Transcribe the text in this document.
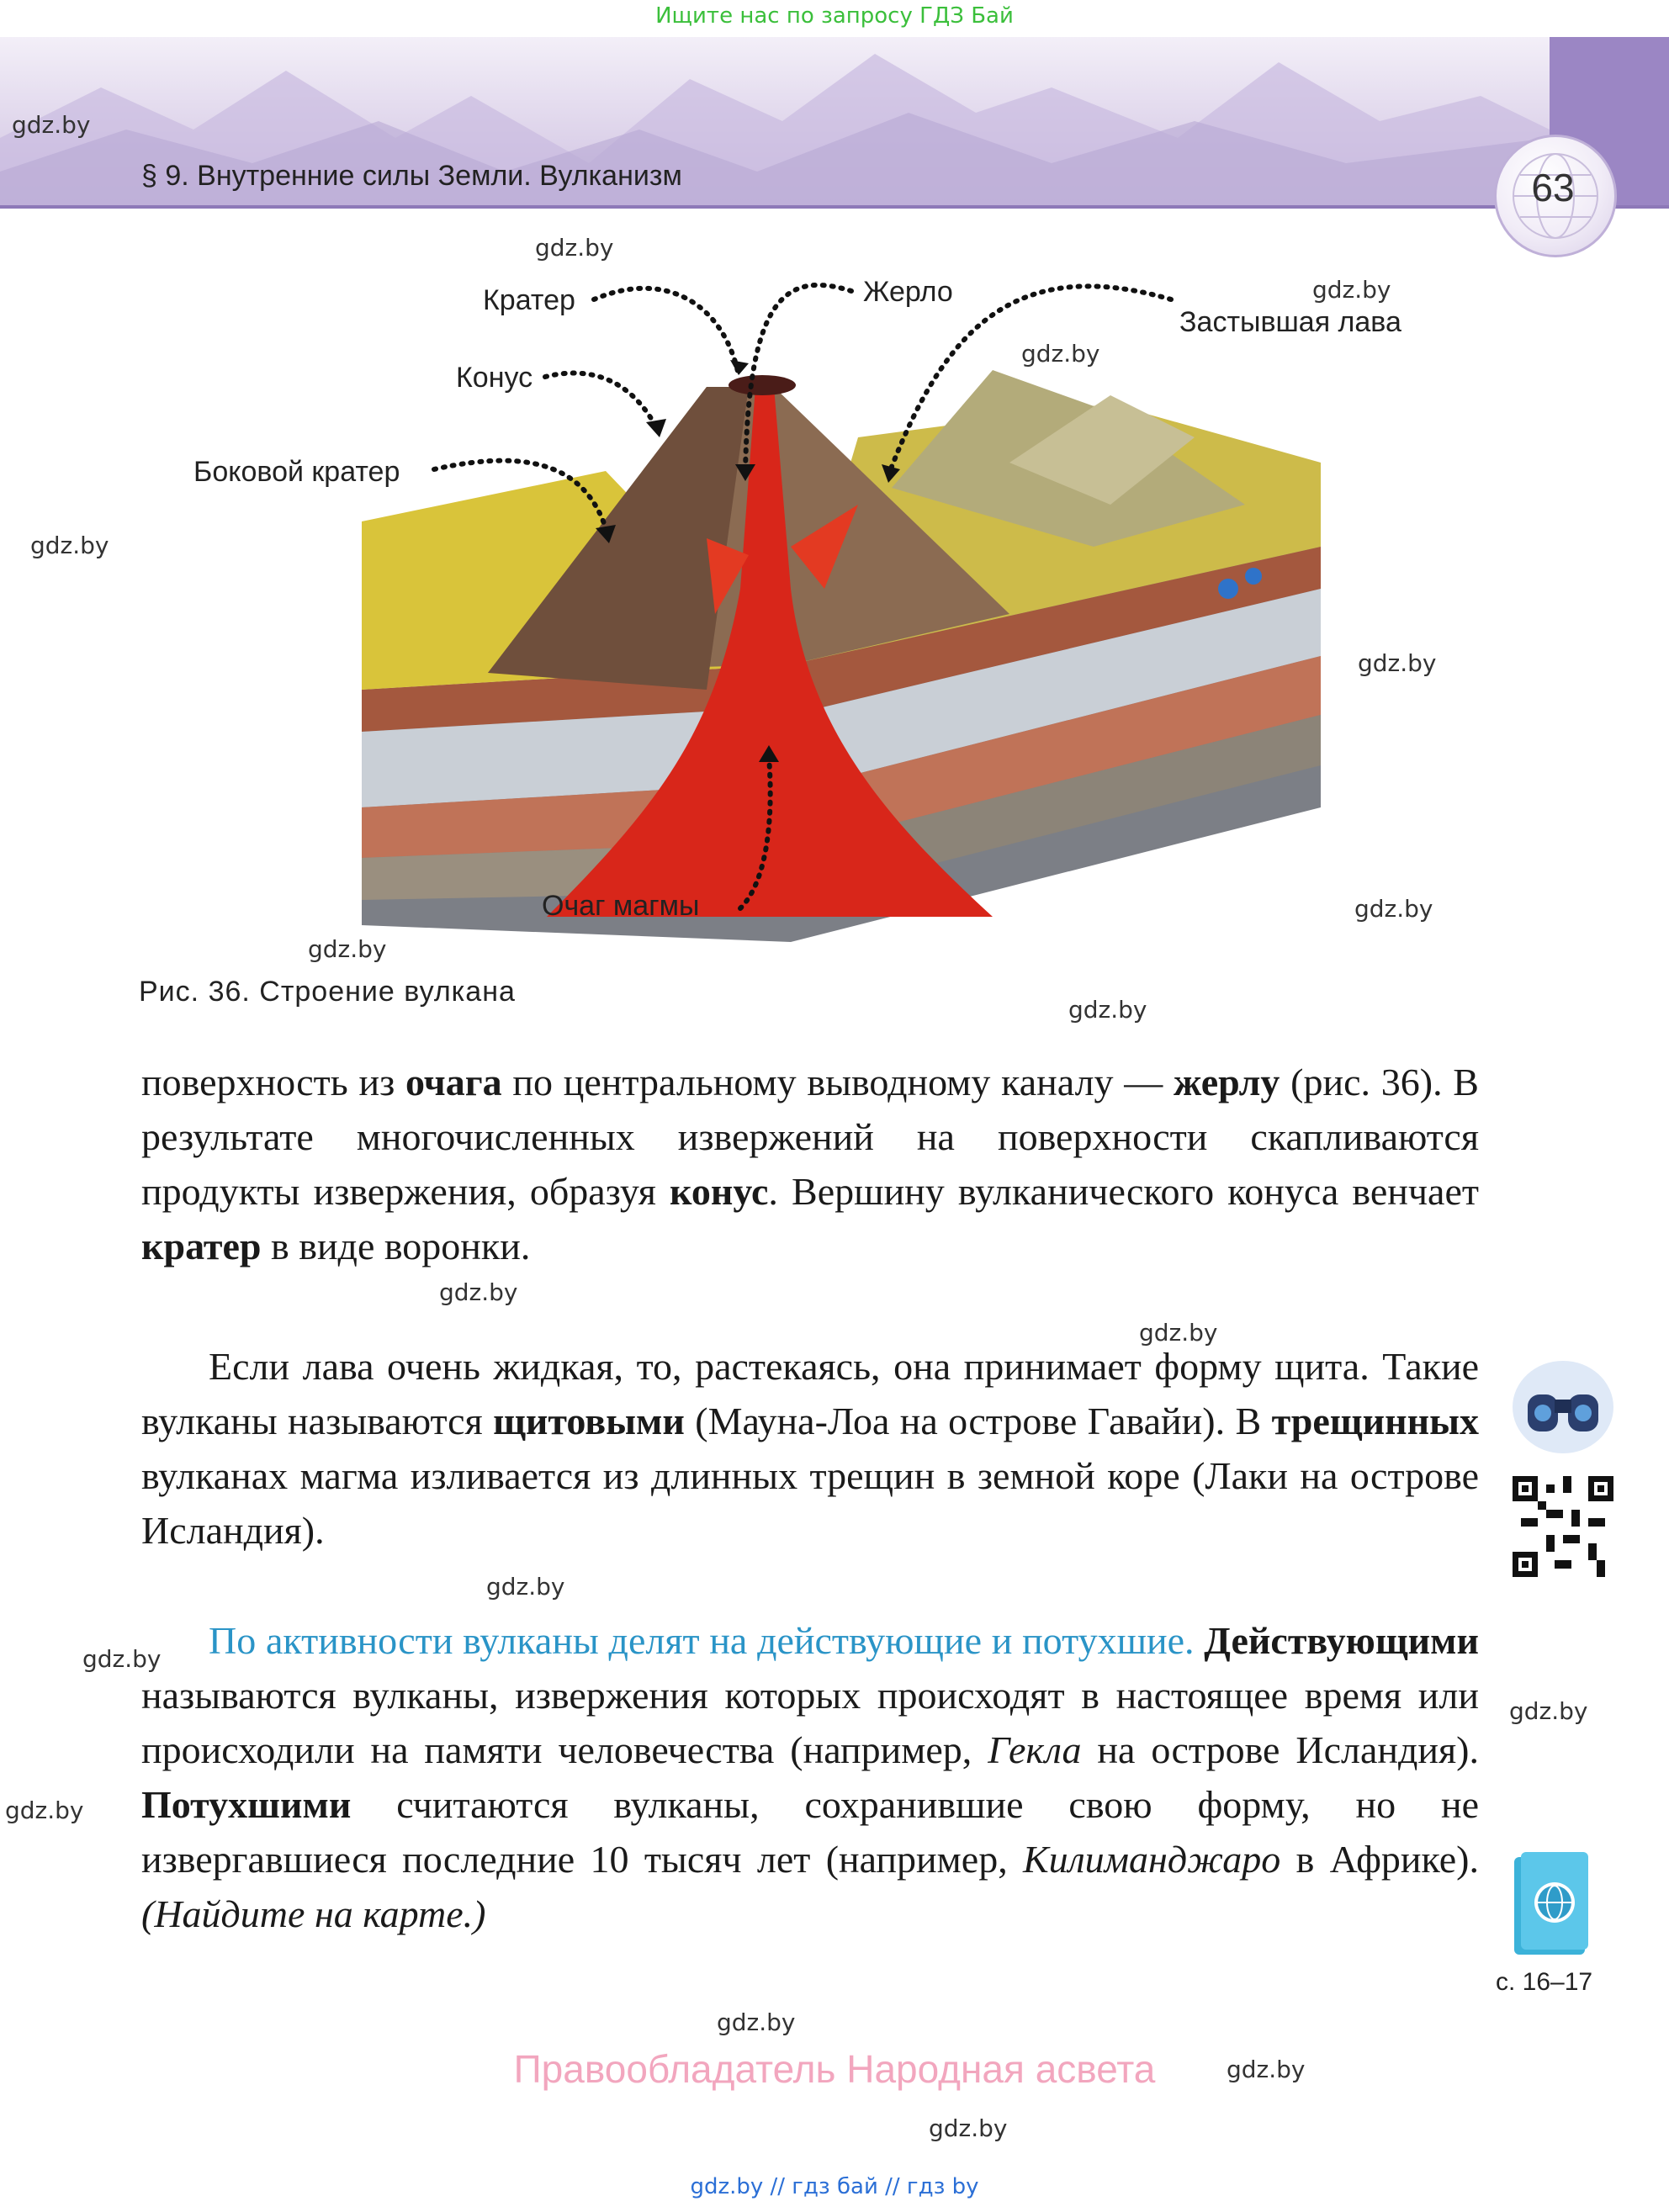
Ищите нас по запросу ГДЗ Бай
§ 9. Внутренние силы Земли. Вулканизм	63
gdz.by
gdz.by
gdz.by
gdz.by
gdz.by
gdz.by
gdz.by
gdz.by
gdz.by
gdz.by
gdz.by
gdz.by
gdz.by
gdz.by
gdz.by
gdz.by
gdz.by
gdz.by
Кратер	Жерло
Застывшая лава
Конус
Боковой кратер
Очаг магмы
Рис. 36. Строение вулкана
поверхность из очага по центральному выводному каналу — жерлу (рис. 36). В результате многочисленных извержений на поверхности скапливаются продукты извержения, образуя конус. Вершину вулканического конуса венчает кратер в виде воронки.
Если лава очень жидкая, то, растекаясь, она принимает форму щита. Такие вулканы называются щитовыми (Мауна-Лоа на острове Гавайи). В трещинных вулканах магма изливается из длинных трещин в земной коре (Лаки на острове Исландия).
По активности вулканы делят на действующие и потухшие. Действующими называются вулканы, извержения которых происходят в настоящее время или происходили на памяти человечества (например, Гекла на острове Исландия). Потухшими считаются вулканы, сохранившие свою форму, но не извергавшиеся последние 10 тысяч лет (например, Килиманджаро в Африке). (Найдите на карте.)
с. 16–17
Правообладатель Народная асвета
gdz.by // гдз бай // гдз by
